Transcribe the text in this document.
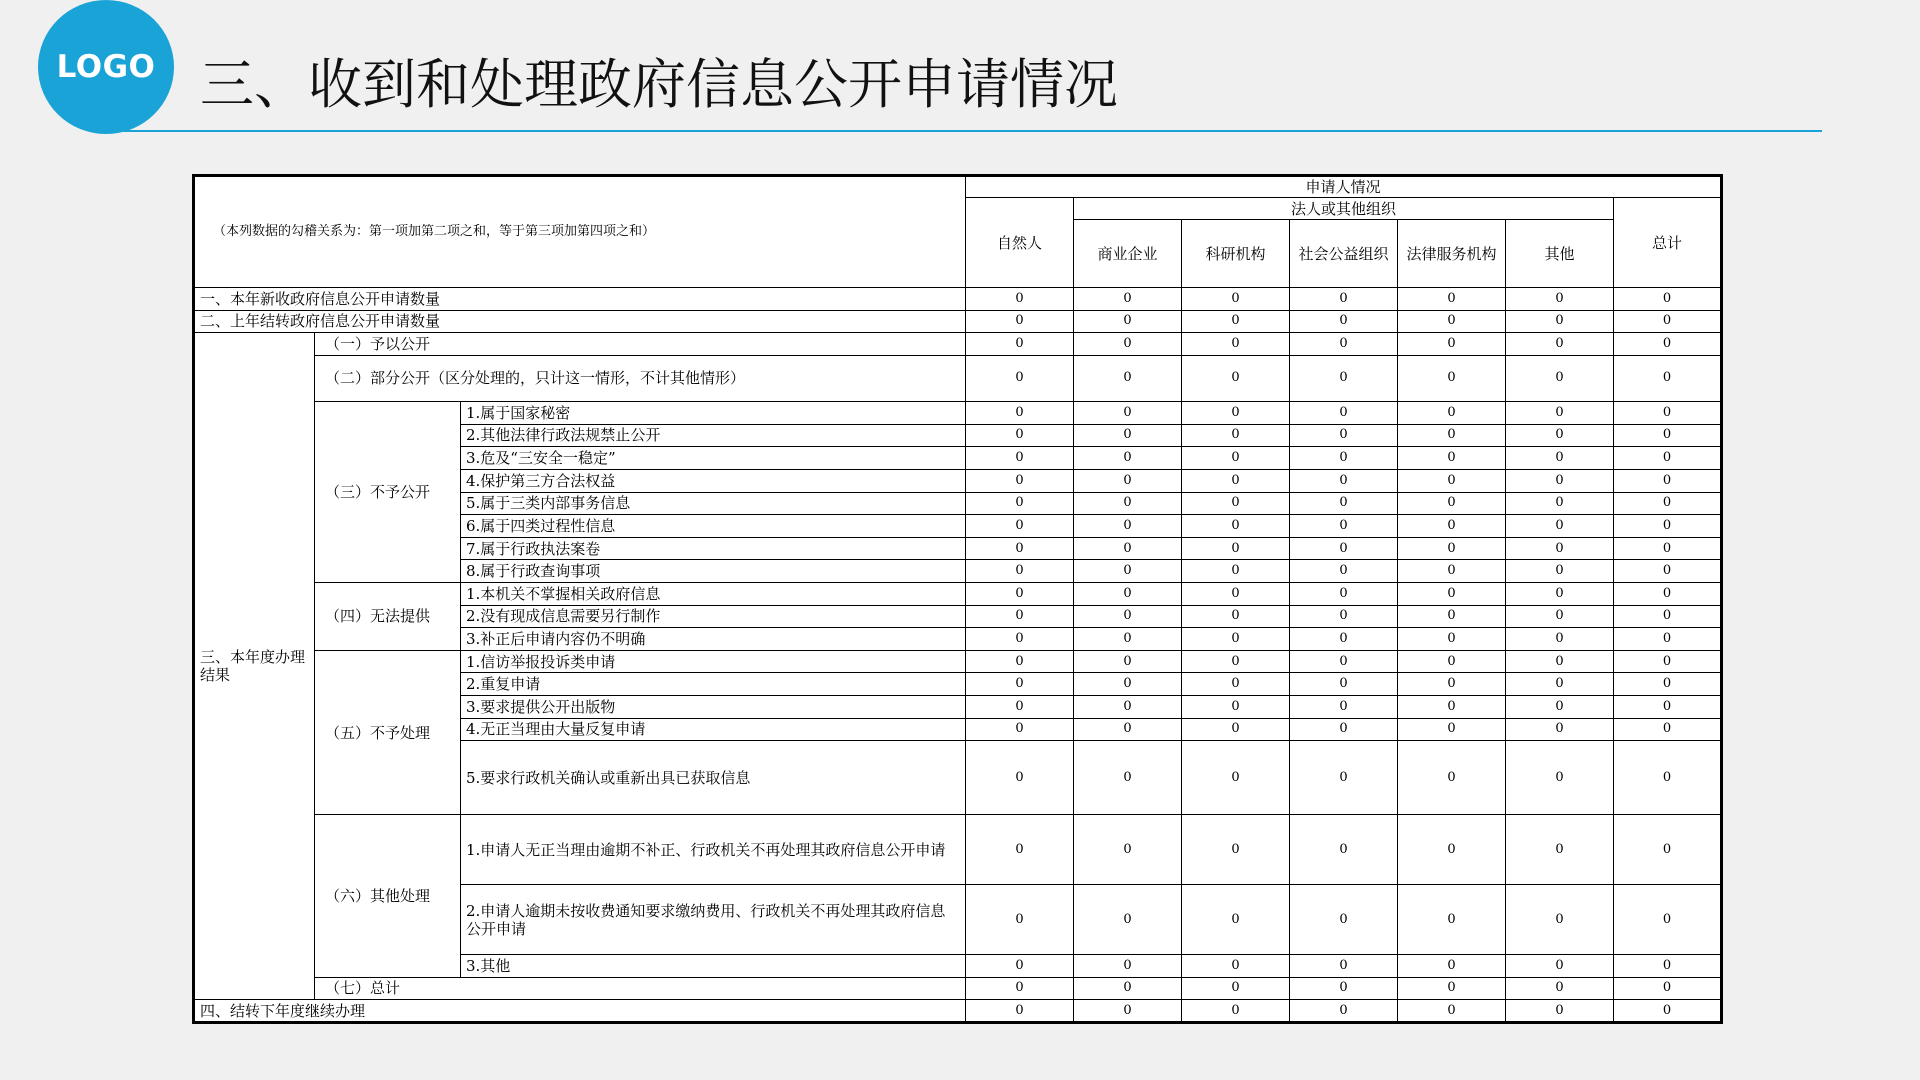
LOGO 三、收到和处理政府信息公开申请情况
（本列数据的勾稽关系为：第一项加第二项之和，等于第三项加第四项之和）			申请人情况						
			自然人	法人或其他组织					总计
				商业企业	科研机构	社会公益组织	法律服务机构	其他	
一、本年新收政府信息公开申请数量			0	0	0	0	0	0	0
二、上年结转政府信息公开申请数量			0	0	0	0	0	0	0
三、本年度办理结果	（一）予以公开		0	0	0	0	0	0	0
	（二）部分公开（区分处理的，只计这一情形，不计其他情形）		0	0	0	0	0	0	0
	（三）不予公开	1.属于国家秘密	0	0	0	0	0	0	0
		2.其他法律行政法规禁止公开	0	0	0	0	0	0	0
		3.危及“三安全一稳定”	0	0	0	0	0	0	0
		4.保护第三方合法权益	0	0	0	0	0	0	0
		5.属于三类内部事务信息	0	0	0	0	0	0	0
		6.属于四类过程性信息	0	0	0	0	0	0	0
		7.属于行政执法案卷	0	0	0	0	0	0	0
		8.属于行政查询事项	0	0	0	0	0	0	0
	（四）无法提供	1.本机关不掌握相关政府信息	0	0	0	0	0	0	0
		2.没有现成信息需要另行制作	0	0	0	0	0	0	0
		3.补正后申请内容仍不明确	0	0	0	0	0	0	0
	（五）不予处理	1.信访举报投诉类申请	0	0	0	0	0	0	0
		2.重复申请	0	0	0	0	0	0	0
		3.要求提供公开出版物	0	0	0	0	0	0	0
		4.无正当理由大量反复申请	0	0	0	0	0	0	0
		5.要求行政机关确认或重新出具已获取信息	0	0	0	0	0	0	0
	（六）其他处理	1.申请人无正当理由逾期不补正、行政机关不再处理其政府信息公开申请	0	0	0	0	0	0	0
		2.申请人逾期未按收费通知要求缴纳费用、行政机关不再处理其政府信息公开申请	0	0	0	0	0	0	0
		3.其他	0	0	0	0	0	0	0
	（七）总计		0	0	0	0	0	0	0
四、结转下年度继续办理			0	0	0	0	0	0	0
